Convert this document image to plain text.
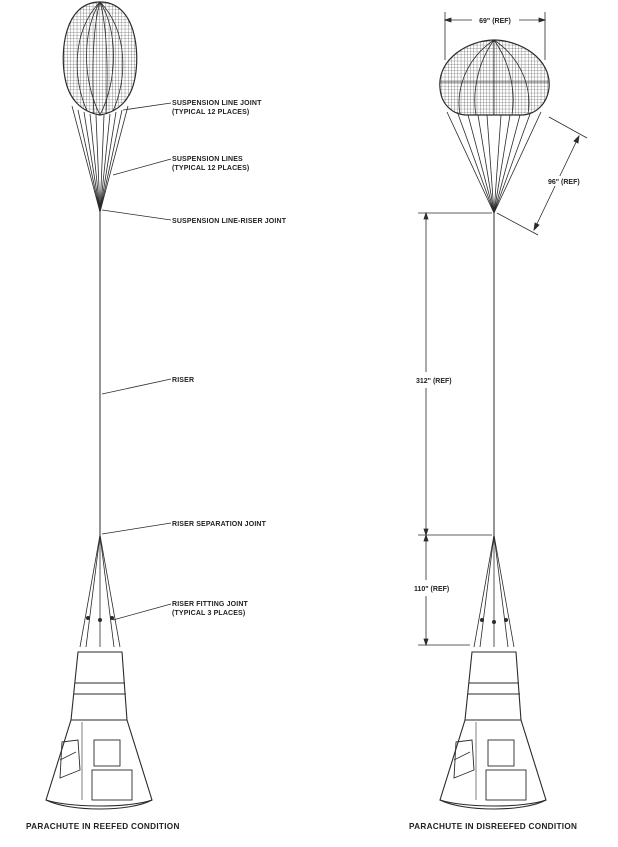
SUSPENSION LINE JOINT (TYPICAL 12 PLACES)
SUSPENSION LINES (TYPICAL 12 PLACES)
SUSPENSION LINE-RISER JOINT
RISER
RISER SEPARATION JOINT
RISER FITTING JOINT (TYPICAL 3 PLACES)
PARACHUTE IN REEFED CONDITION
69" (REF)
96" (REF)
312" (REF)
110" (REF)
PARACHUTE IN DISREEFED CONDITION
